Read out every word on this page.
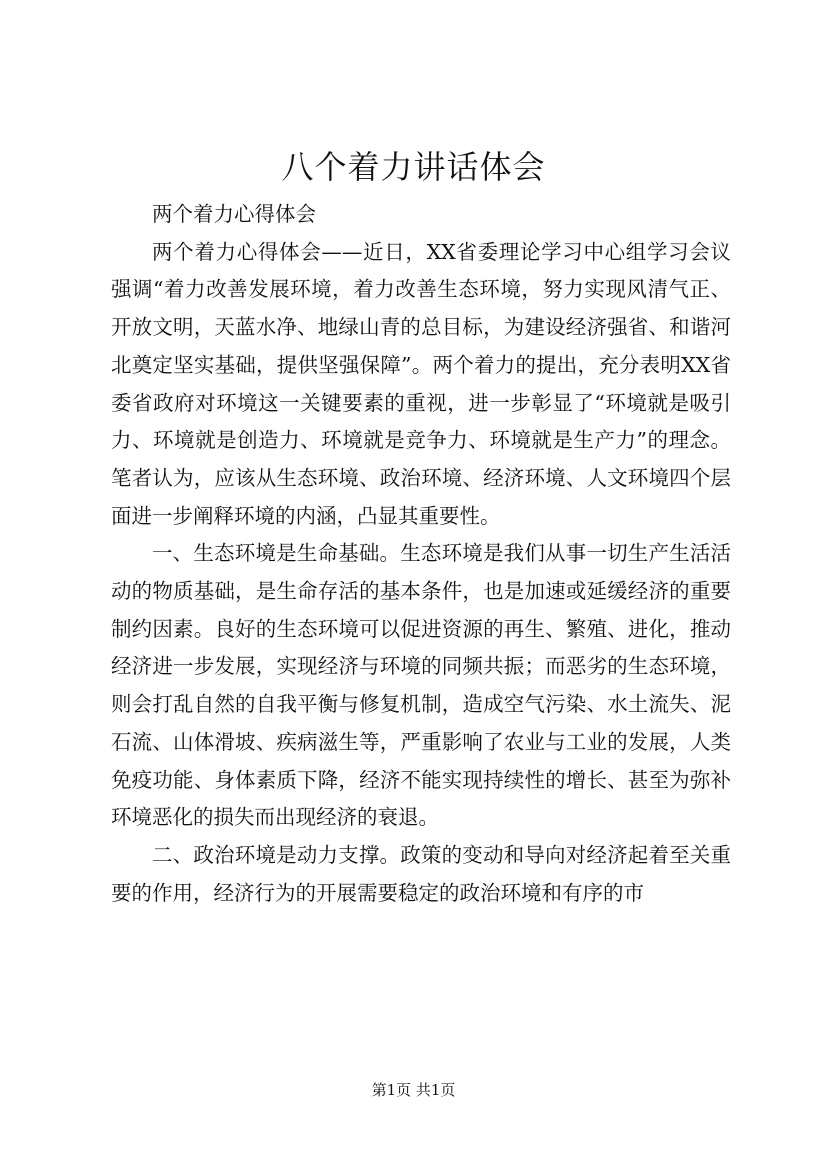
八个着力讲话体会

两个着力心得体会

两个着力心得体会——近日，XX省委理论学习中心组学习会议强调“着力改善发展环境，着力改善生态环境，努力实现风清气正、开放文明，天蓝水净、地绿山青的总目标，为建设经济强省、和谐河北奠定坚实基础，提供坚强保障”。两个着力的提出，充分表明XX省委省政府对环境这一关键要素的重视，进一步彰显了“环境就是吸引力、环境就是创造力、环境就是竞争力、环境就是生产力”的理念。笔者认为，应该从生态环境、政治环境、经济环境、人文环境四个层面进一步阐释环境的内涵，凸显其重要性。

一、生态环境是生命基础。生态环境是我们从事一切生产生活活动的物质基础，是生命存活的基本条件，也是加速或延缓经济的重要制约因素。良好的生态环境可以促进资源的再生、繁殖、进化，推动经济进一步发展，实现经济与环境的同频共振；而恶劣的生态环境，则会打乱自然的自我平衡与修复机制，造成空气污染、水土流失、泥石流、山体滑坡、疾病滋生等，严重影响了农业与工业的发展，人类免疫功能、身体素质下降，经济不能实现持续性的增长、甚至为弥补环境恶化的损失而出现经济的衰退。

二、政治环境是动力支撑。政策的变动和导向对经济起着至关重要的作用，经济行为的开展需要稳定的政治环境和有序的市

第1页 共1页
